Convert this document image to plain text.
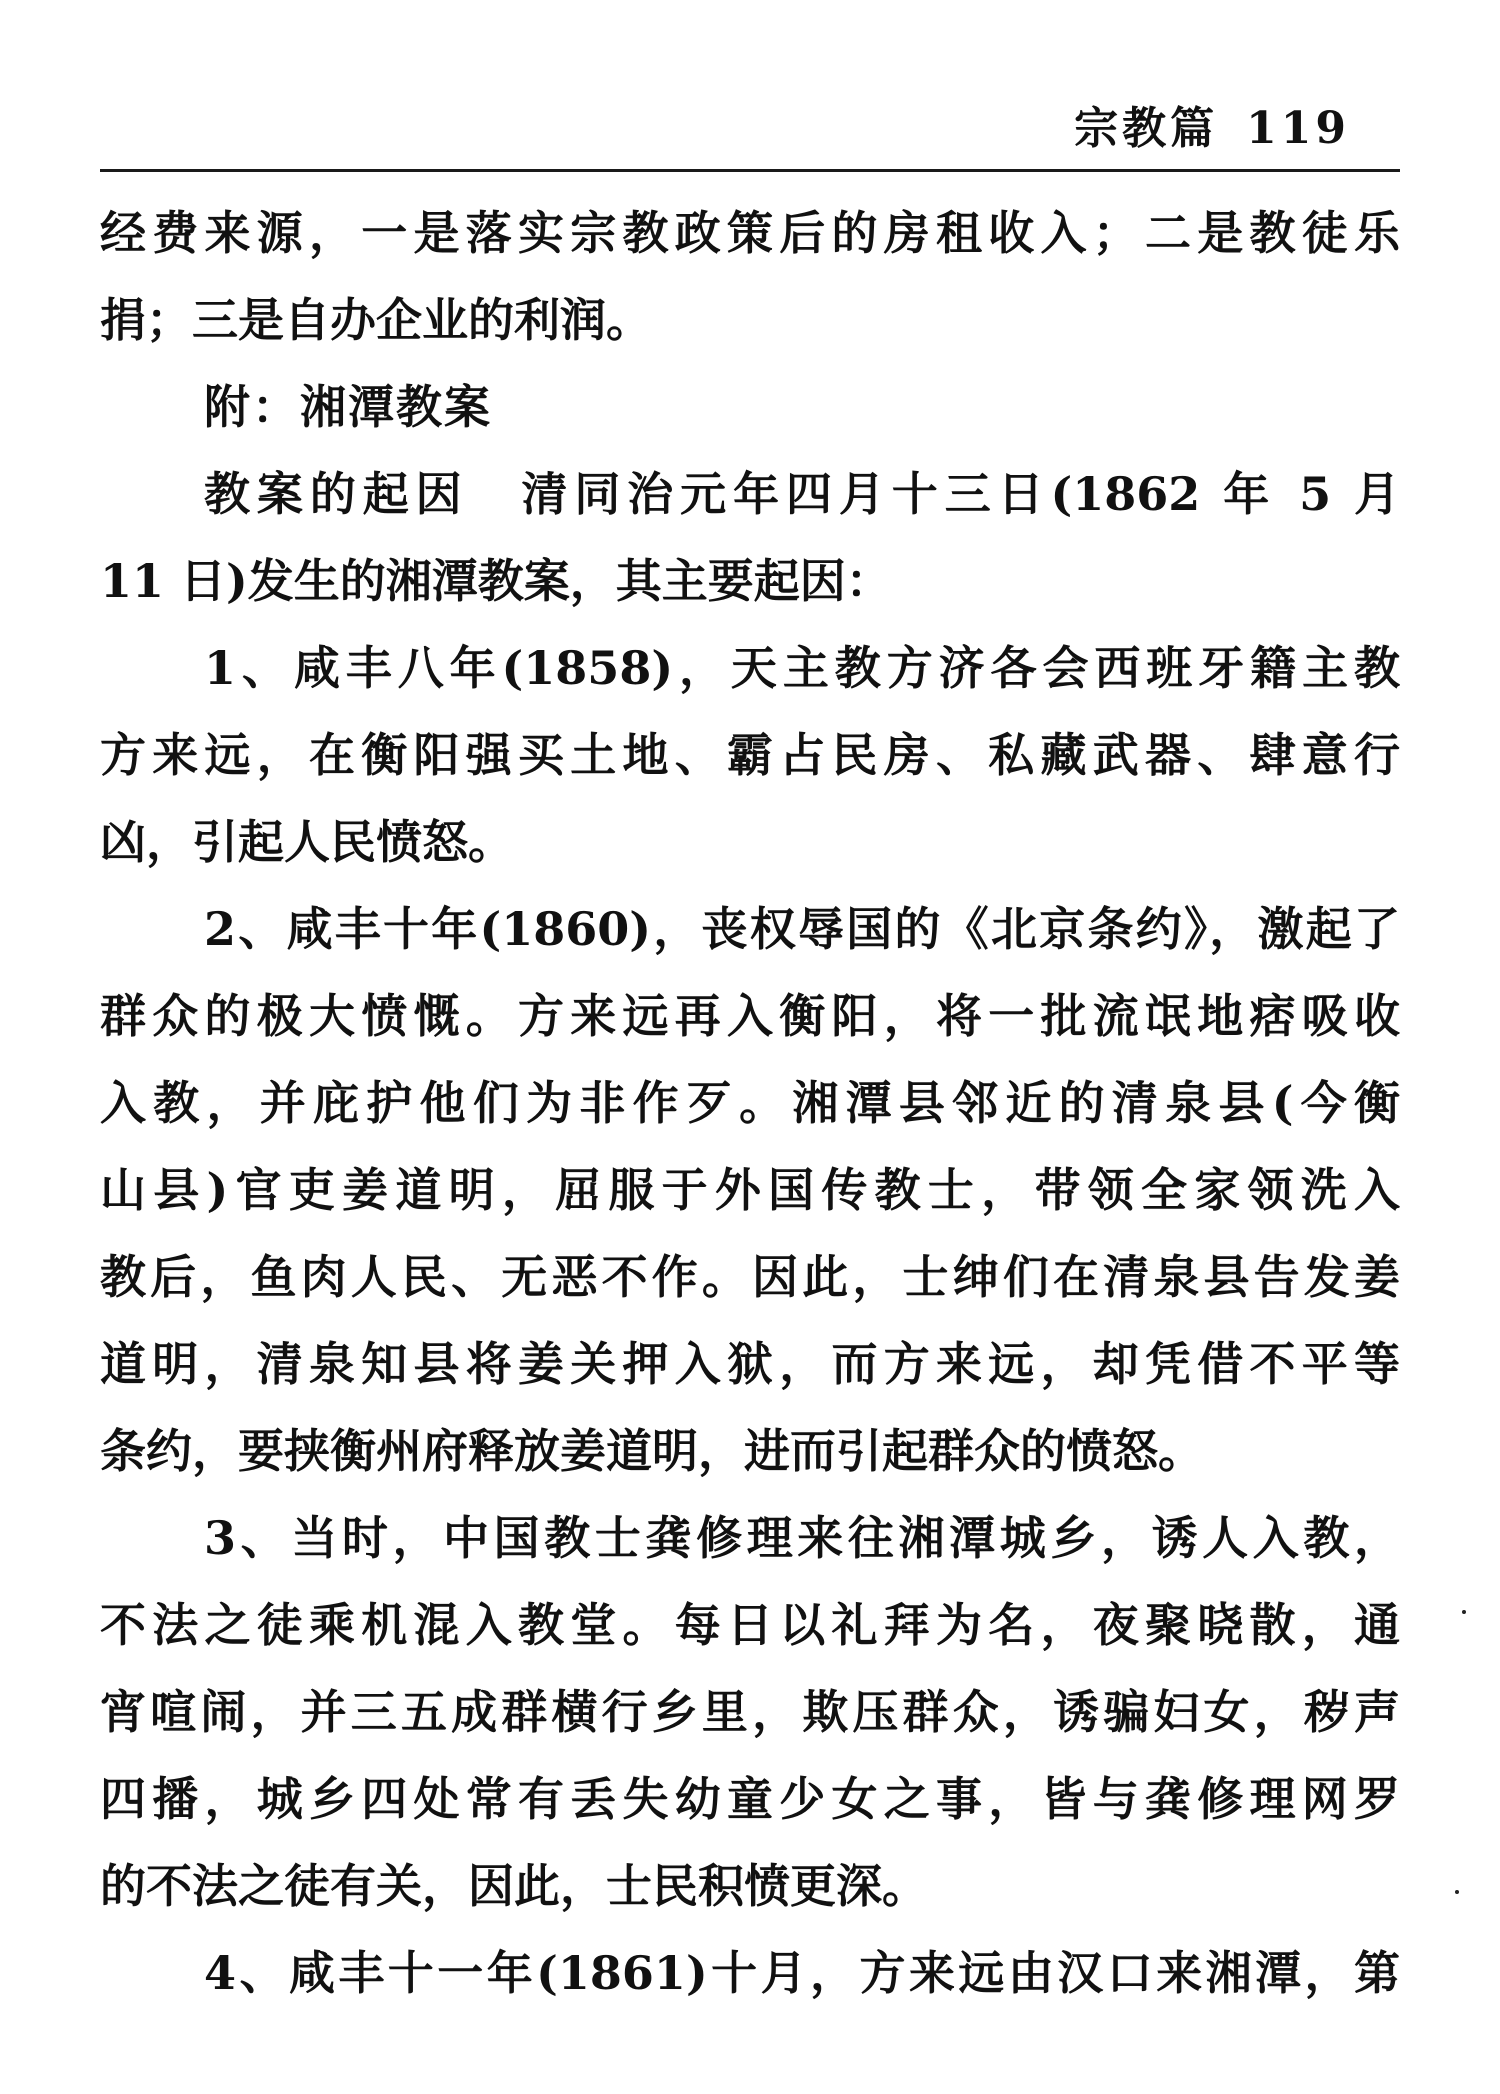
宗教篇 119
经费来源，一是落实宗教政策后的房租收入；二是教徒乐
捐；三是自办企业的利润。
附：湘潭教案
教案的起因　清同治元年四月十三日(1862 年 5 月
11 日)发生的湘潭教案，其主要起因：
1、咸丰八年(1858)，天主教方济各会西班牙籍主教
方来远，在衡阳强买土地、霸占民房、私藏武器、肆意行
凶，引起人民愤怒。
2、咸丰十年(1860)，丧权辱国的《北京条约》，激起了
群众的极大愤慨。方来远再入衡阳，将一批流氓地痞吸收
入教，并庇护他们为非作歹。湘潭县邻近的清泉县(今衡
山县)官吏姜道明，屈服于外国传教士，带领全家领洗入
教后，鱼肉人民、无恶不作。因此，士绅们在清泉县告发姜
道明，清泉知县将姜关押入狱，而方来远，却凭借不平等
条约，要挟衡州府释放姜道明，进而引起群众的愤怒。
3、当时，中国教士龚修理来往湘潭城乡，诱人入教，
不法之徒乘机混入教堂。每日以礼拜为名，夜聚晓散，通
宵喧闹，并三五成群横行乡里，欺压群众，诱骗妇女，秽声
四播，城乡四处常有丢失幼童少女之事，皆与龚修理网罗
的不法之徒有关，因此，士民积愤更深。
4、咸丰十一年(1861)十月，方来远由汉口来湘潭，第
